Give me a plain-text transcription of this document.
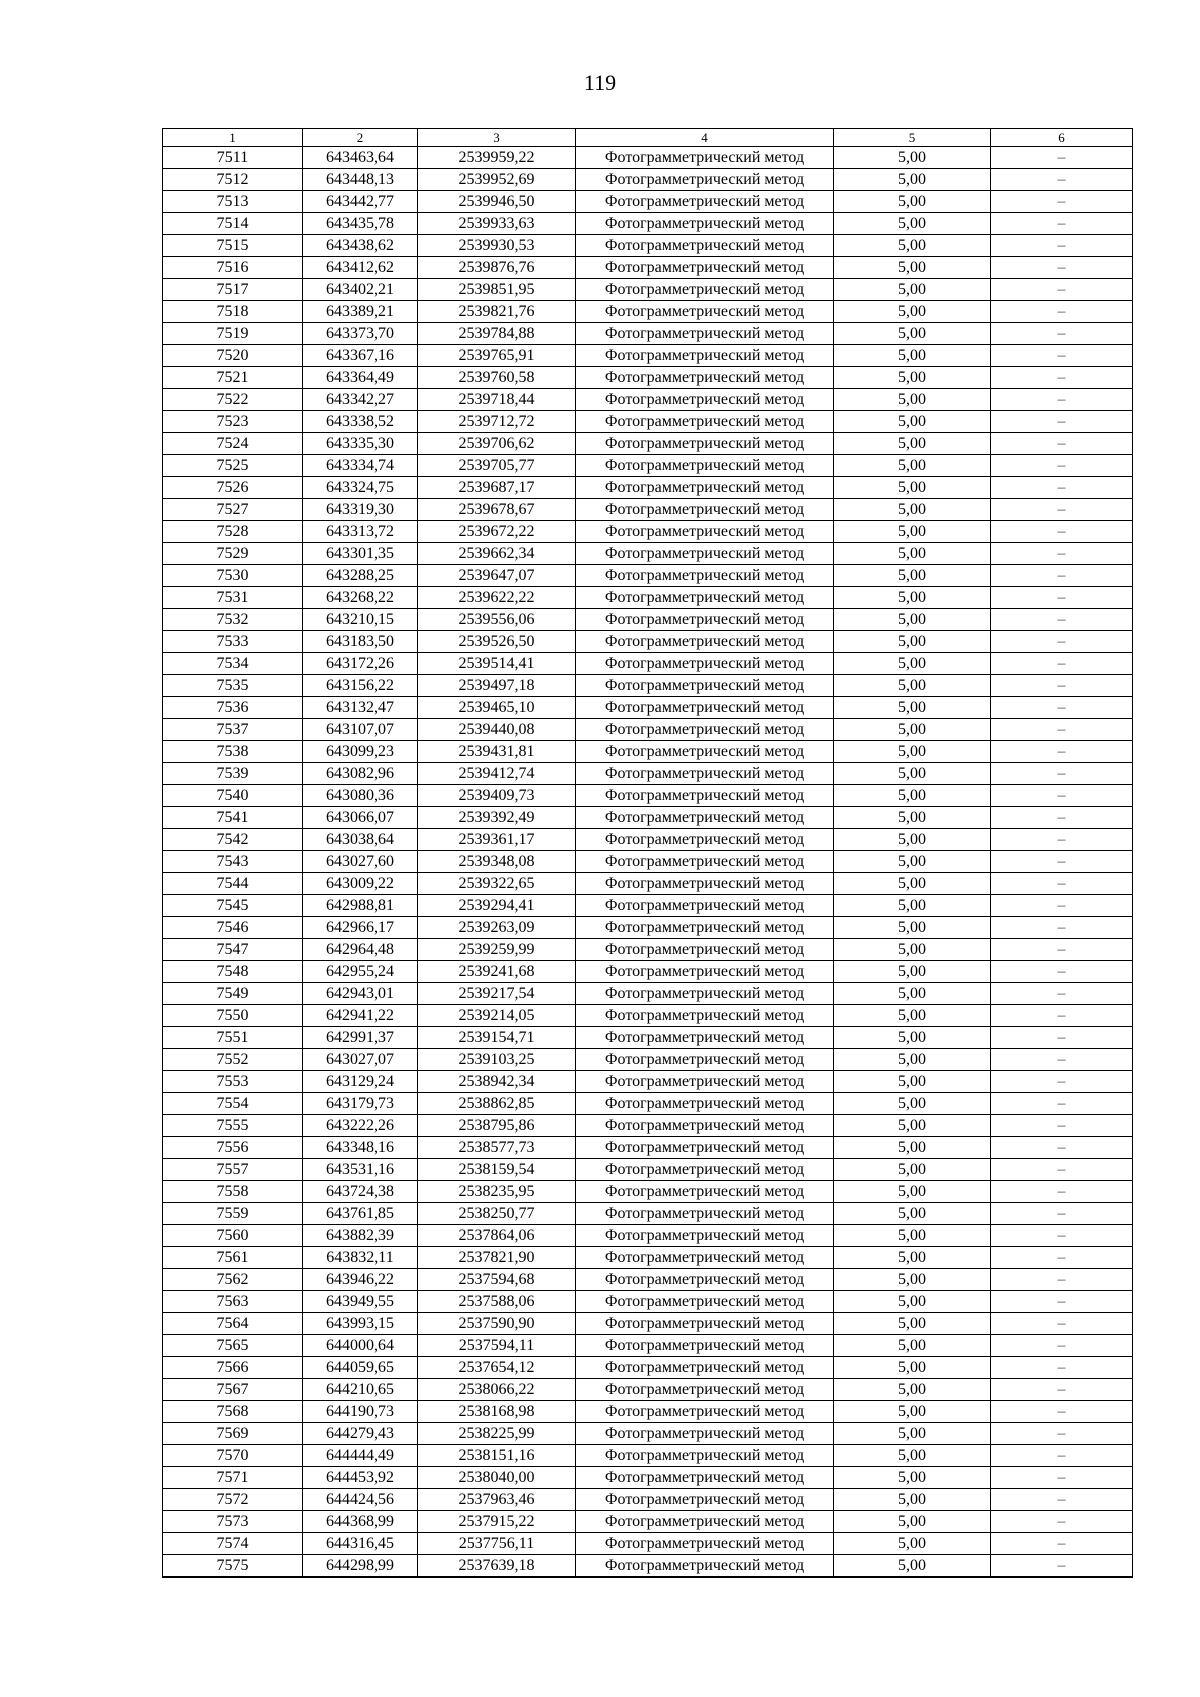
119
1	2	3	4	5	6
7511	643463,64	2539959,22	Фотограмметрический метод	5,00	–
7512	643448,13	2539952,69	Фотограмметрический метод	5,00	–
7513	643442,77	2539946,50	Фотограмметрический метод	5,00	–
7514	643435,78	2539933,63	Фотограмметрический метод	5,00	–
7515	643438,62	2539930,53	Фотограмметрический метод	5,00	–
7516	643412,62	2539876,76	Фотограмметрический метод	5,00	–
7517	643402,21	2539851,95	Фотограмметрический метод	5,00	–
7518	643389,21	2539821,76	Фотограмметрический метод	5,00	–
7519	643373,70	2539784,88	Фотограмметрический метод	5,00	–
7520	643367,16	2539765,91	Фотограмметрический метод	5,00	–
7521	643364,49	2539760,58	Фотограмметрический метод	5,00	–
7522	643342,27	2539718,44	Фотограмметрический метод	5,00	–
7523	643338,52	2539712,72	Фотограмметрический метод	5,00	–
7524	643335,30	2539706,62	Фотограмметрический метод	5,00	–
7525	643334,74	2539705,77	Фотограмметрический метод	5,00	–
7526	643324,75	2539687,17	Фотограмметрический метод	5,00	–
7527	643319,30	2539678,67	Фотограмметрический метод	5,00	–
7528	643313,72	2539672,22	Фотограмметрический метод	5,00	–
7529	643301,35	2539662,34	Фотограмметрический метод	5,00	–
7530	643288,25	2539647,07	Фотограмметрический метод	5,00	–
7531	643268,22	2539622,22	Фотограмметрический метод	5,00	–
7532	643210,15	2539556,06	Фотограмметрический метод	5,00	–
7533	643183,50	2539526,50	Фотограмметрический метод	5,00	–
7534	643172,26	2539514,41	Фотограмметрический метод	5,00	–
7535	643156,22	2539497,18	Фотограмметрический метод	5,00	–
7536	643132,47	2539465,10	Фотограмметрический метод	5,00	–
7537	643107,07	2539440,08	Фотограмметрический метод	5,00	–
7538	643099,23	2539431,81	Фотограмметрический метод	5,00	–
7539	643082,96	2539412,74	Фотограмметрический метод	5,00	–
7540	643080,36	2539409,73	Фотограмметрический метод	5,00	–
7541	643066,07	2539392,49	Фотограмметрический метод	5,00	–
7542	643038,64	2539361,17	Фотограмметрический метод	5,00	–
7543	643027,60	2539348,08	Фотограмметрический метод	5,00	–
7544	643009,22	2539322,65	Фотограмметрический метод	5,00	–
7545	642988,81	2539294,41	Фотограмметрический метод	5,00	–
7546	642966,17	2539263,09	Фотограмметрический метод	5,00	–
7547	642964,48	2539259,99	Фотограмметрический метод	5,00	–
7548	642955,24	2539241,68	Фотограмметрический метод	5,00	–
7549	642943,01	2539217,54	Фотограмметрический метод	5,00	–
7550	642941,22	2539214,05	Фотограмметрический метод	5,00	–
7551	642991,37	2539154,71	Фотограмметрический метод	5,00	–
7552	643027,07	2539103,25	Фотограмметрический метод	5,00	–
7553	643129,24	2538942,34	Фотограмметрический метод	5,00	–
7554	643179,73	2538862,85	Фотограмметрический метод	5,00	–
7555	643222,26	2538795,86	Фотограмметрический метод	5,00	–
7556	643348,16	2538577,73	Фотограмметрический метод	5,00	–
7557	643531,16	2538159,54	Фотограмметрический метод	5,00	–
7558	643724,38	2538235,95	Фотограмметрический метод	5,00	–
7559	643761,85	2538250,77	Фотограмметрический метод	5,00	–
7560	643882,39	2537864,06	Фотограмметрический метод	5,00	–
7561	643832,11	2537821,90	Фотограмметрический метод	5,00	–
7562	643946,22	2537594,68	Фотограмметрический метод	5,00	–
7563	643949,55	2537588,06	Фотограмметрический метод	5,00	–
7564	643993,15	2537590,90	Фотограмметрический метод	5,00	–
7565	644000,64	2537594,11	Фотограмметрический метод	5,00	–
7566	644059,65	2537654,12	Фотограмметрический метод	5,00	–
7567	644210,65	2538066,22	Фотограмметрический метод	5,00	–
7568	644190,73	2538168,98	Фотограмметрический метод	5,00	–
7569	644279,43	2538225,99	Фотограмметрический метод	5,00	–
7570	644444,49	2538151,16	Фотограмметрический метод	5,00	–
7571	644453,92	2538040,00	Фотограмметрический метод	5,00	–
7572	644424,56	2537963,46	Фотограмметрический метод	5,00	–
7573	644368,99	2537915,22	Фотограмметрический метод	5,00	–
7574	644316,45	2537756,11	Фотограмметрический метод	5,00	–
7575	644298,99	2537639,18	Фотограмметрический метод	5,00	–
